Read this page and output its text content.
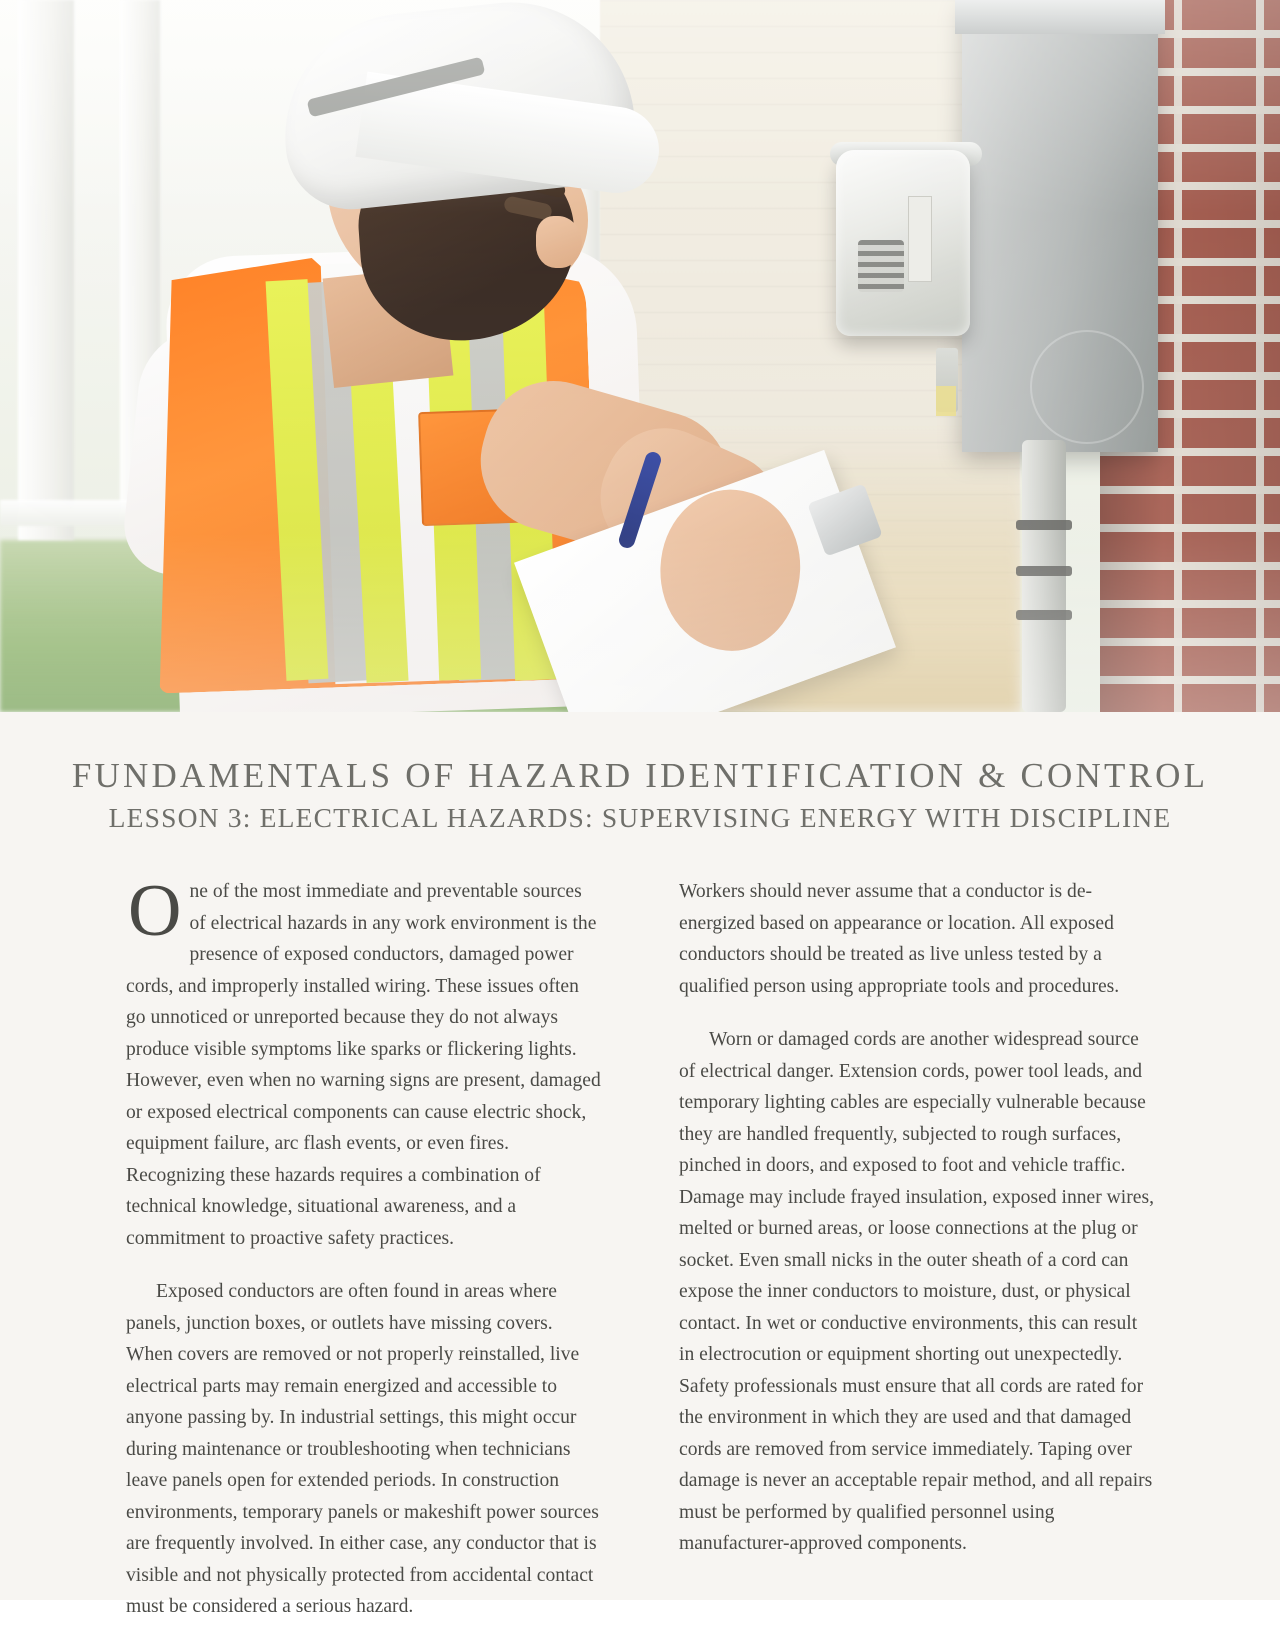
FUNDAMENTALS OF HAZARD IDENTIFICATION & CONTROL
LESSON 3: ELECTRICAL HAZARDS: SUPERVISING ENERGY WITH DISCIPLINE

One of the most immediate and preventable sources of electrical hazards in any work environment is the presence of exposed conductors, damaged power cords, and improperly installed wiring. These issues often go unnoticed or unreported because they do not always produce visible symptoms like sparks or flickering lights. However, even when no warning signs are present, damaged or exposed electrical components can cause electric shock, equipment failure, arc flash events, or even fires. Recognizing these hazards requires a combination of technical knowledge, situational awareness, and a commitment to proactive safety practices.

Exposed conductors are often found in areas where panels, junction boxes, or outlets have missing covers. When covers are removed or not properly reinstalled, live electrical parts may remain energized and accessible to anyone passing by. In industrial settings, this might occur during maintenance or troubleshooting when technicians leave panels open for extended periods. In construction environments, temporary panels or makeshift power sources are frequently involved. In either case, any conductor that is visible and not physically protected from accidental contact must be considered a serious hazard.

Workers should never assume that a conductor is de-energized based on appearance or location. All exposed conductors should be treated as live unless tested by a qualified person using appropriate tools and procedures.

Worn or damaged cords are another widespread source of electrical danger. Extension cords, power tool leads, and temporary lighting cables are especially vulnerable because they are handled frequently, subjected to rough surfaces, pinched in doors, and exposed to foot and vehicle traffic. Damage may include frayed insulation, exposed inner wires, melted or burned areas, or loose connections at the plug or socket. Even small nicks in the outer sheath of a cord can expose the inner conductors to moisture, dust, or physical contact. In wet or conductive environments, this can result in electrocution or equipment shorting out unexpectedly. Safety professionals must ensure that all cords are rated for the environment in which they are used and that damaged cords are removed from service immediately. Taping over damage is never an acceptable repair method, and all repairs must be performed by qualified personnel using manufacturer-approved components.
